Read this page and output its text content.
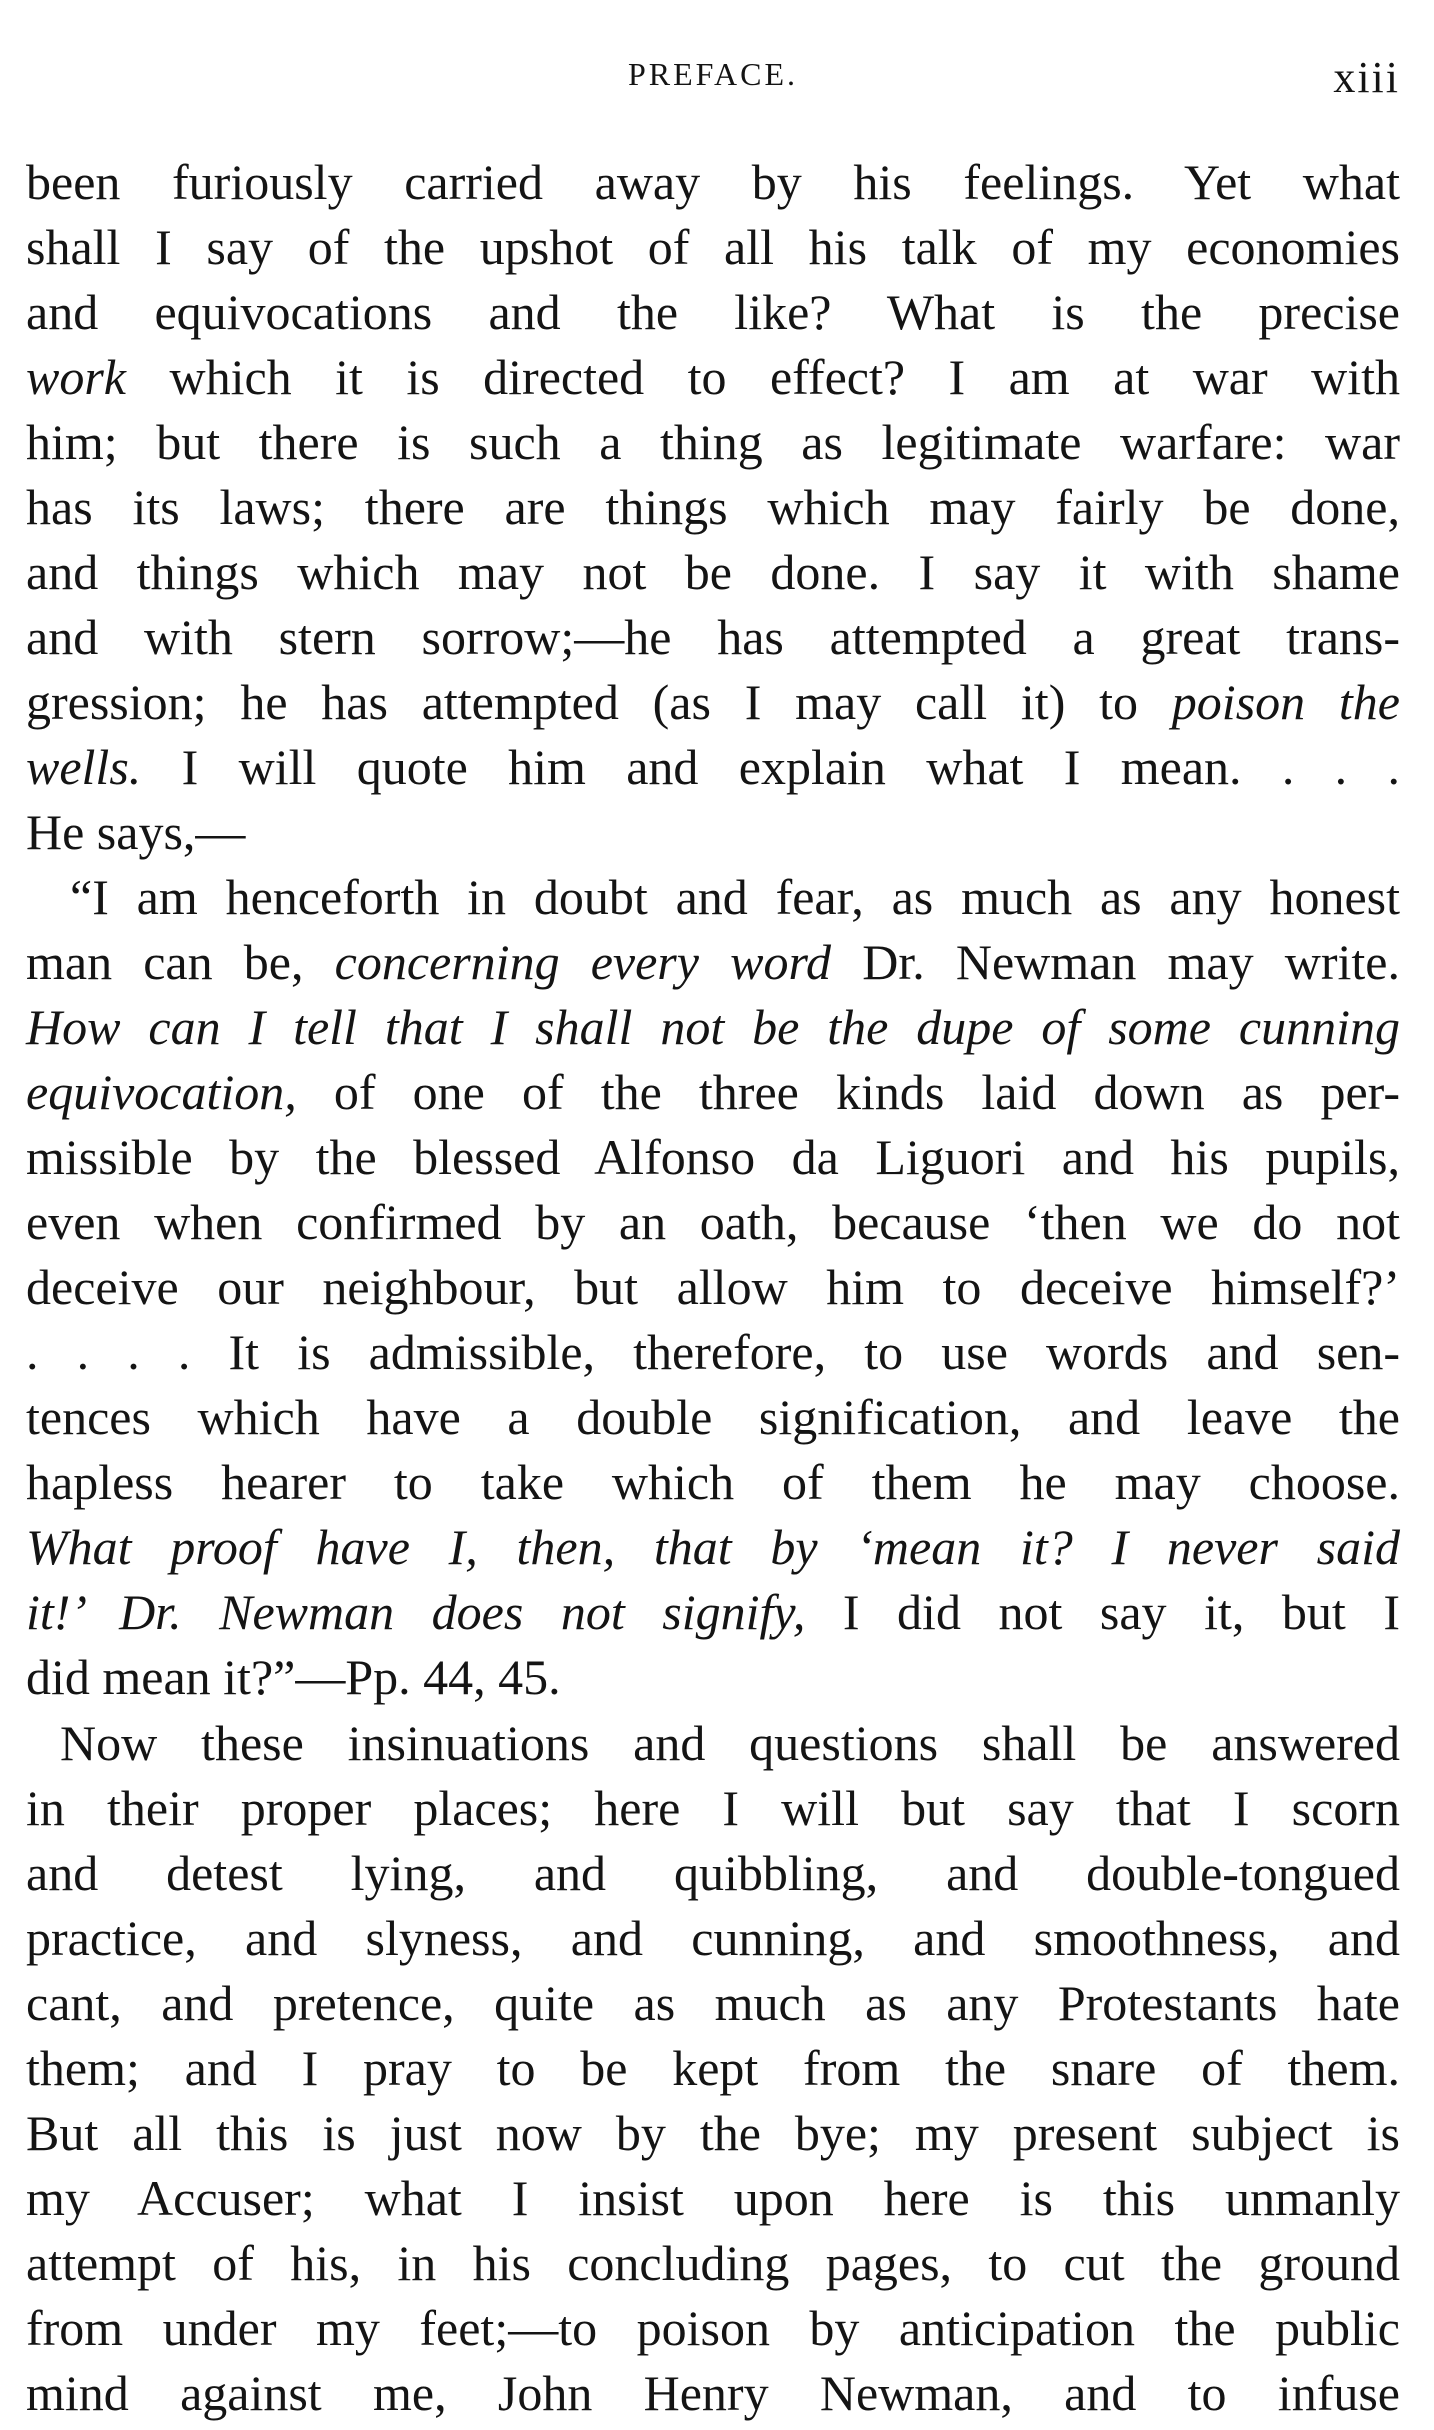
PREFACE.	xiii
been furiously carried away by his feelings. Yet what
shall I say of the upshot of all his talk of my economies
and equivocations and the like? What is the precise
work which it is directed to effect? I am at war with
him; but there is such a thing as legitimate warfare: war
has its laws; there are things which may fairly be done,
and things which may not be done. I say it with shame
and with stern sorrow;—he has attempted a great trans-
gression; he has attempted (as I may call it) to poison the
wells. I will quote him and explain what I mean. . . .
He says,—
“I am henceforth in doubt and fear, as much as any honest
man can be, concerning every word Dr. Newman may write.
How can I tell that I shall not be the dupe of some cunning
equivocation, of one of the three kinds laid down as per-
missible by the blessed Alfonso da Liguori and his pupils,
even when confirmed by an oath, because ‘then we do not
deceive our neighbour, but allow him to deceive himself?’
. . . . It is admissible, therefore, to use words and sen-
tences which have a double signification, and leave the
hapless hearer to take which of them he may choose.
What proof have I, then, that by ‘mean it? I never said
it!’ Dr. Newman does not signify, I did not say it, but I
did mean it?”—Pp. 44, 45.
Now these insinuations and questions shall be answered
in their proper places; here I will but say that I scorn
and detest lying, and quibbling, and double-tongued
practice, and slyness, and cunning, and smoothness, and
cant, and pretence, quite as much as any Protestants hate
them; and I pray to be kept from the snare of them.
But all this is just now by the bye; my present subject is
my Accuser; what I insist upon here is this unmanly
attempt of his, in his concluding pages, to cut the ground
from under my feet;—to poison by anticipation the public
mind against me, John Henry Newman, and to infuse
